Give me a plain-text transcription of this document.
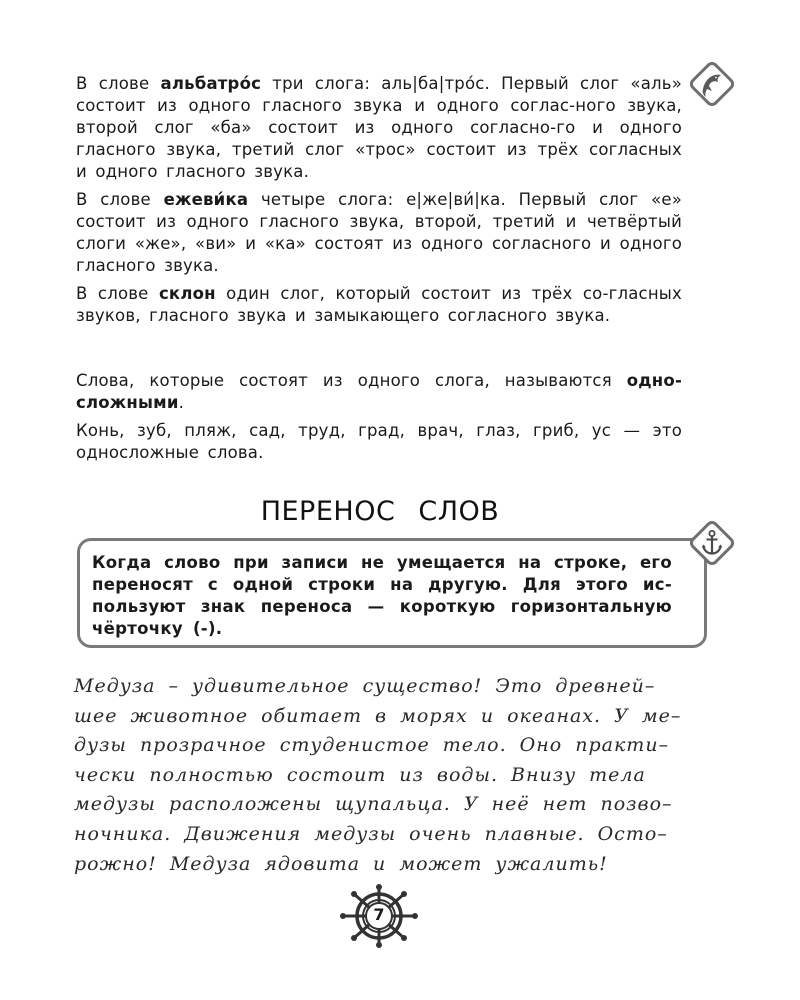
В слове альбатро́с три слога: аль|ба|тро́с. Первый слог «аль» состоит из одного гласного звука и одного соглас-ного звука, второй слог «ба» состоит из одного согласно-го и одного гласного звука, третий слог «трос» состоит из трёх согласных и одного гласного звука.
В слове ежеви́ка четыре слога: е|же|ви́|ка. Первый слог «е» состоит из одного гласного звука, второй, третий и четвёртый слоги «же», «ви» и «ка» состоят из одного согласного и одного гласного звука.
В слове склон один слог, который состоит из трёх со-гласных звуков, гласного звука и замыкающего согласного звука.
Слова, которые состоят из одного слога, называются одно-сложными.
Конь, зуб, пляж, сад, труд, град, врач, глаз, гриб, ус — это односложные слова.
ПЕРЕНОС СЛОВ
Когда слово при записи не умещается на строке, его переносят с одной строки на другую. Для этого ис-пользуют знак переноса — короткую горизонтальную чёрточку (-).
Медуза – удивительное существо! Это древней–
шее животное обитает в морях и океанах. У ме–
дузы прозрачное студенистое тело. Оно практи–
чески полностью состоит из воды. Внизу тела
медузы расположены щупальца. У неё нет позво–
ночника. Движения медузы очень плавные. Осто–
рожно! Медуза ядовита и может ужалить!
7
